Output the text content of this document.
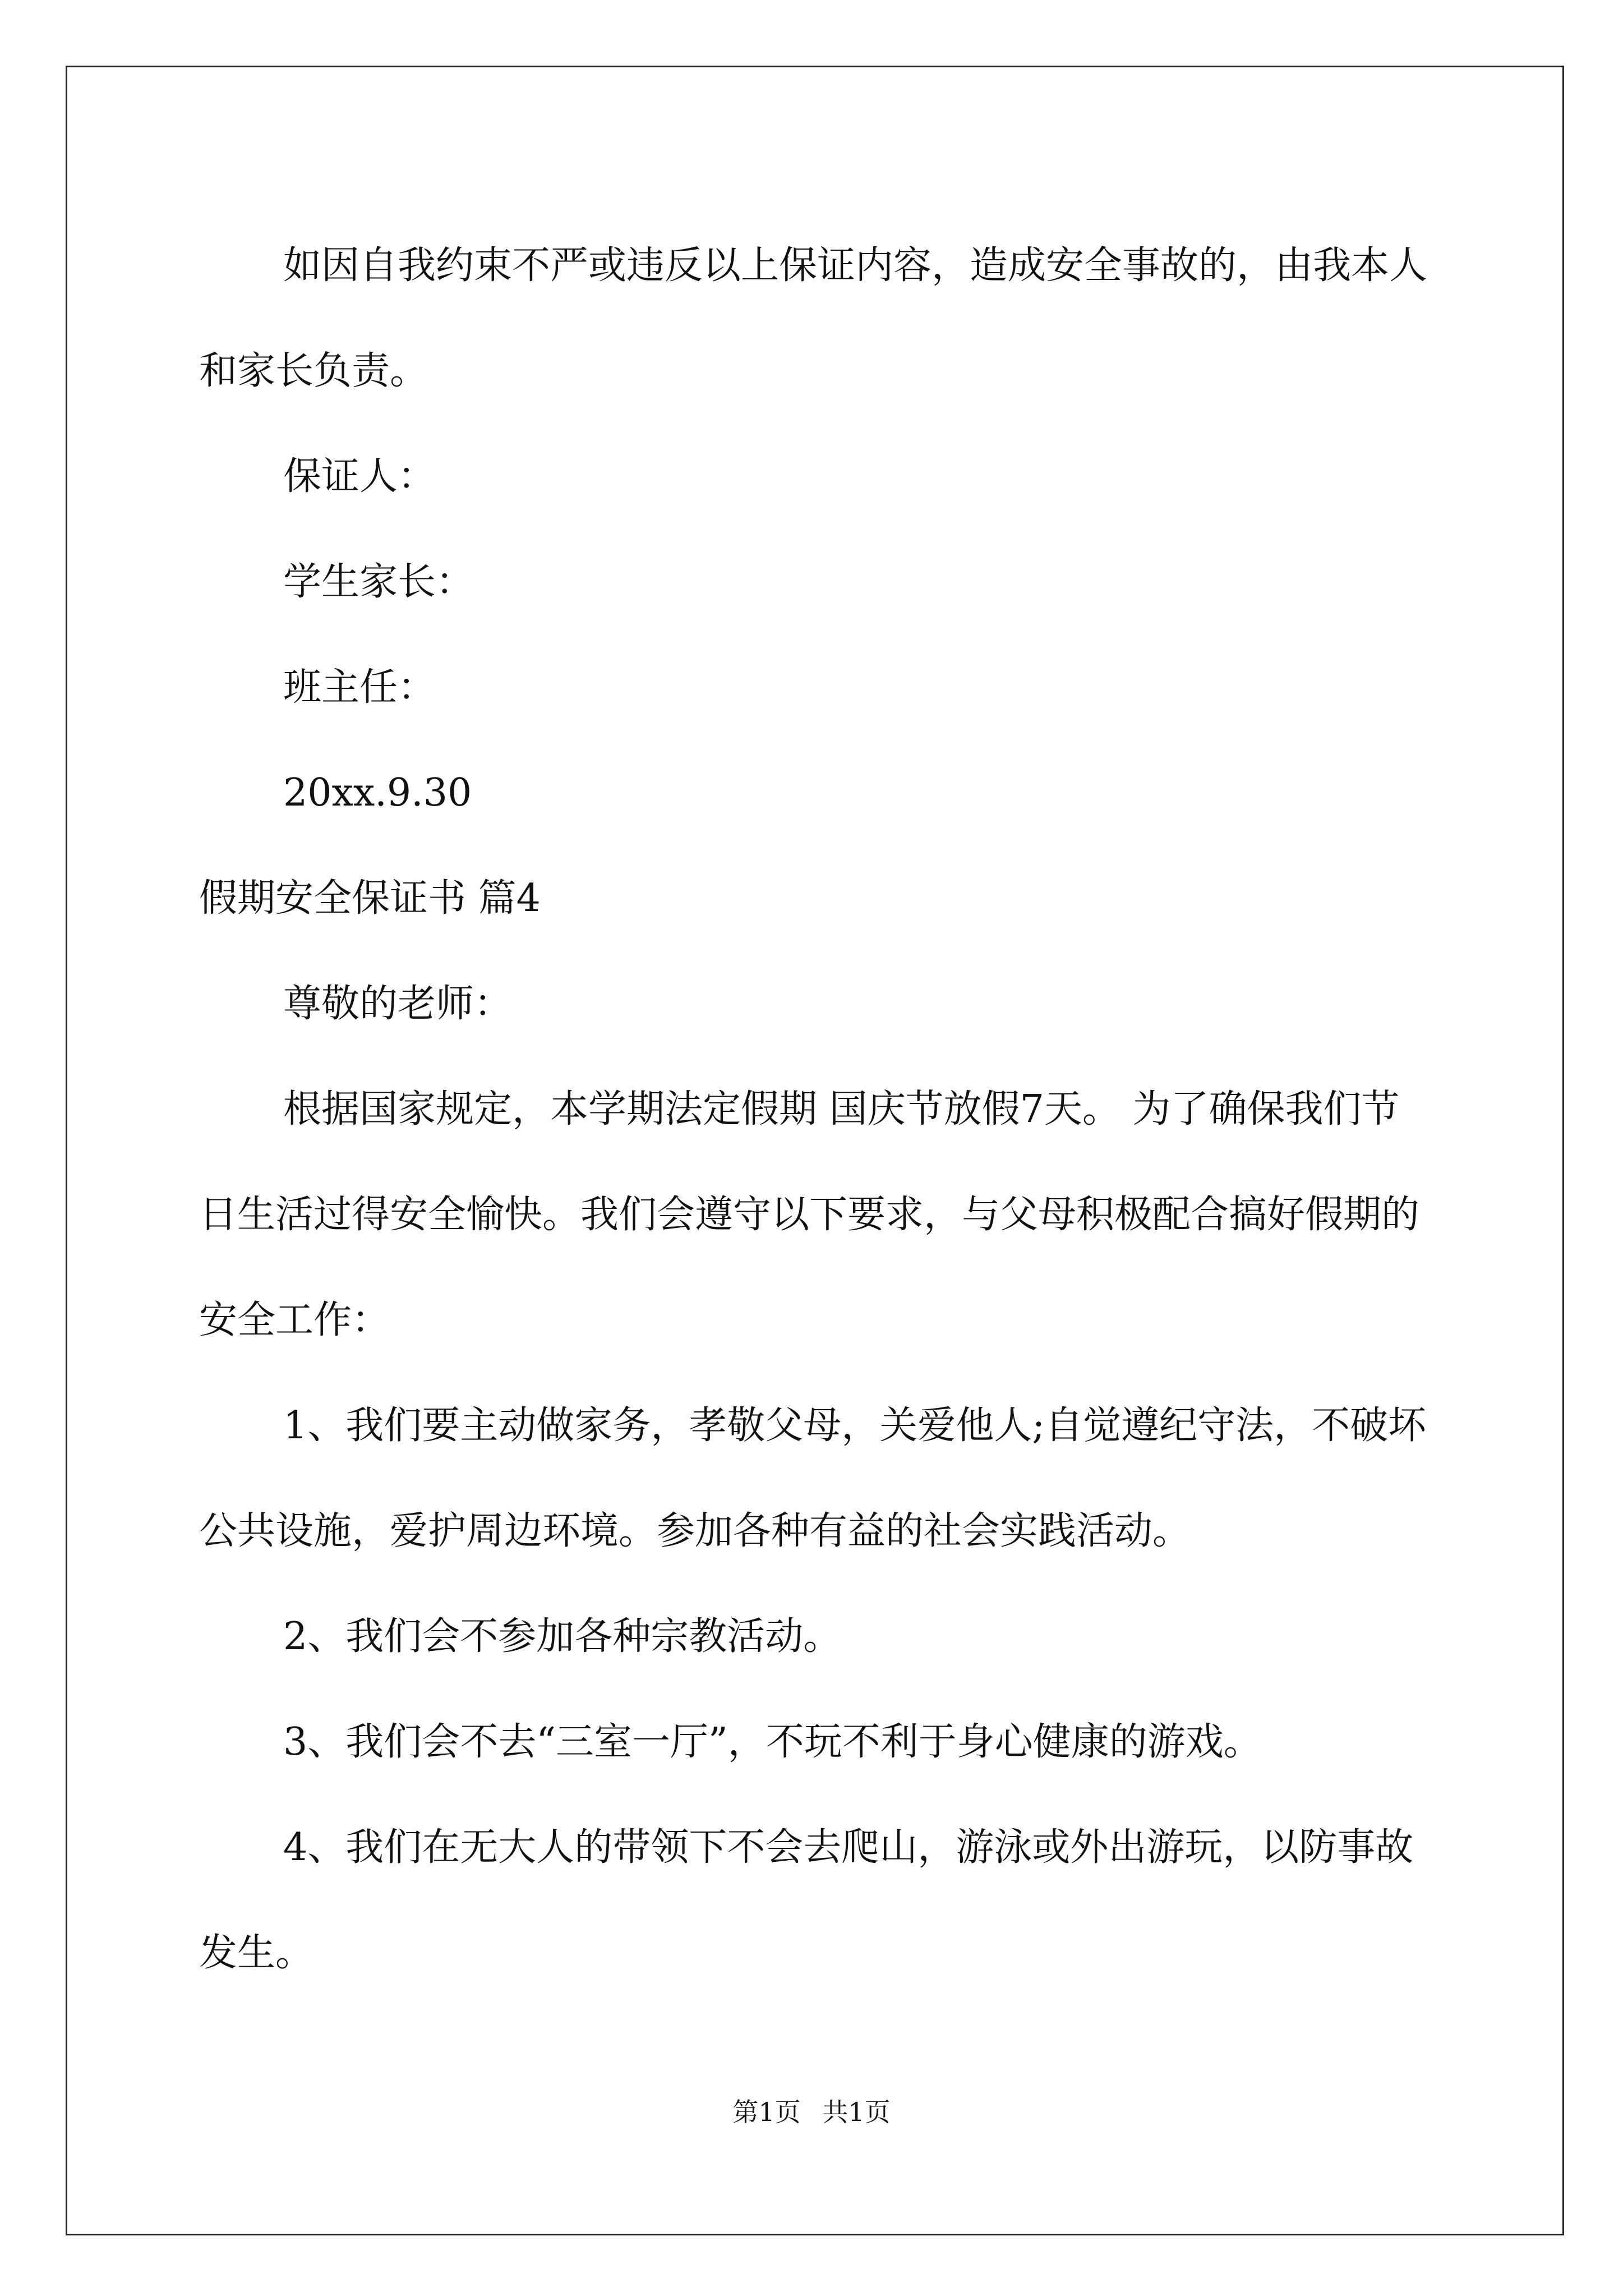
如因自我约束不严或违反以上保证内容，造成安全事故的，由我本人和家长负责。

保证人：

学生家长：

班主任：

20xx.9.30

假期安全保证书 篇4

尊敬的老师：

根据国家规定，本学期法定假期 国庆节放假7天。 为了确保我们节日生活过得安全愉快。我们会遵守以下要求，与父母积极配合搞好假期的安全工作：

1、我们要主动做家务，孝敬父母，关爱他人;自觉遵纪守法，不破坏公共设施，爱护周边环境。参加各种有益的社会实践活动。

2、我们会不参加各种宗教活动。

3、我们会不去“三室一厅”，不玩不利于身心健康的游戏。

4、我们在无大人的带领下不会去爬山，游泳或外出游玩，以防事故发生。

第1页 共1页
